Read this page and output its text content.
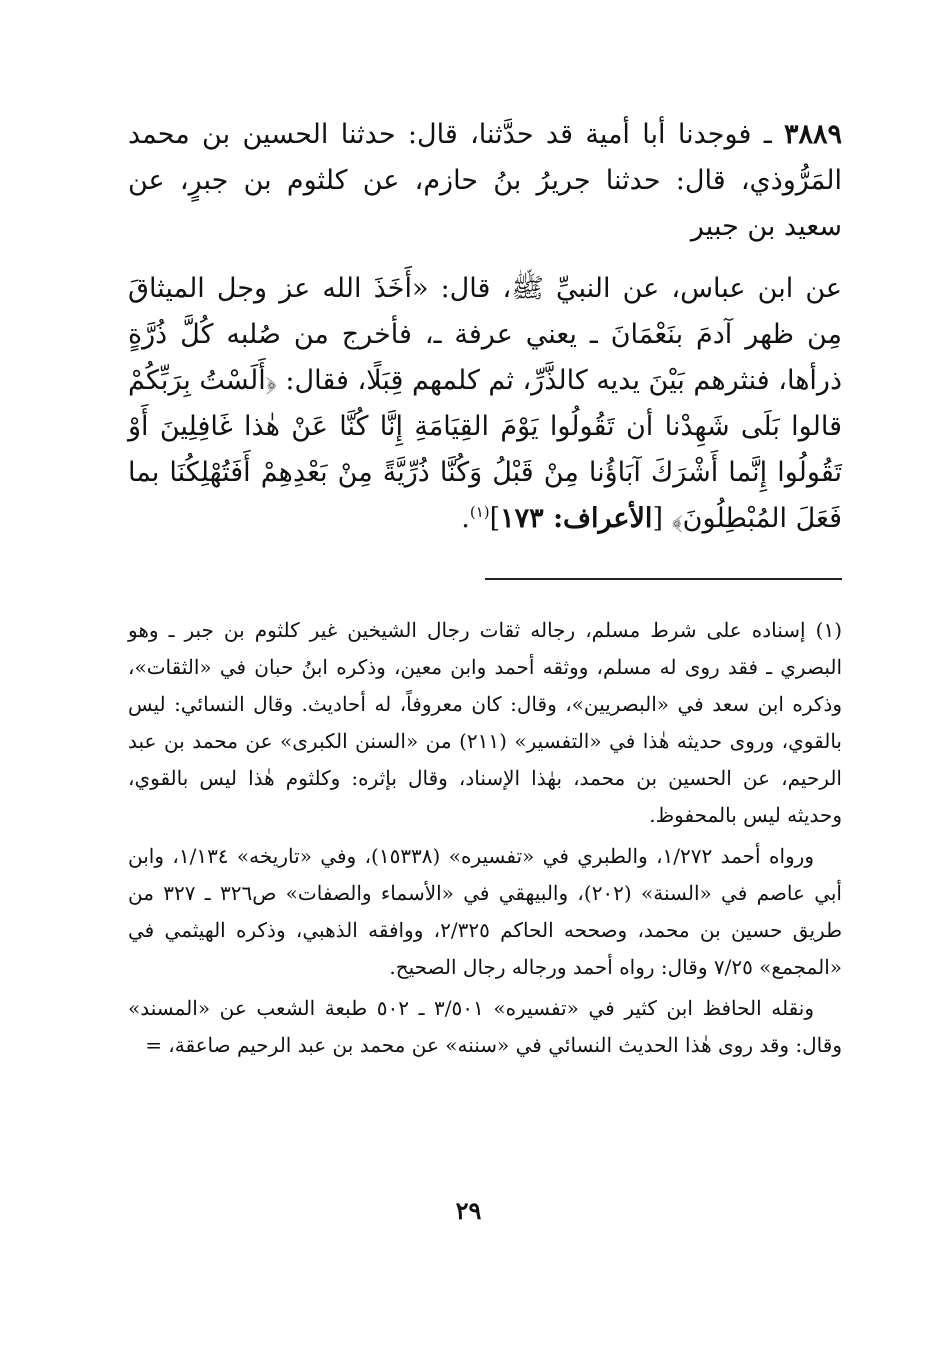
٣٨٨٩ ـ فوجدنا أبا أمية قد حدَّثنا، قال: حدثنا الحسين بن محمد المَرُّوذي، قال: حدثنا جريرُ بنُ حازم، عن كلثوم بن جبرٍ، عن سعيد بن جبير
عن ابن عباس، عن النبيِّ ﷺ، قال: «أَخَذَ الله عز وجل الميثاقَ مِن ظهر آدمَ بنَعْمَانَ ـ يعني عرفة ـ، فأخرج من صُلبه كُلَّ ذُرَّةٍ ذرأها، فنثرهم بَيْنَ يديه كالذَّرِّ، ثم كلمهم قِبَلًا، فقال: ﴿أَلَسْتُ بِرَبِّكُمْ قالوا بَلَى شَهِدْنا أن تَقُولُوا يَوْمَ القِيَامَةِ إِنَّا كُنَّا عَنْ هٰذا غَافِلِينَ أَوْ تَقُولُوا إِنَّما أَشْرَكَ آبَاؤُنا مِنْ قَبْلُ وَكُنَّا ذُرِّيَّةً مِنْ بَعْدِهِمْ أَفَتُهْلِكُنَا بما فَعَلَ المُبْطِلُونَ﴾ [الأعراف: ١٧٣]$^{(١)}$.

(١) إسناده على شرط مسلم، رجاله ثقات رجال الشيخين غير كلثوم بن جبر ـ وهو البصري ـ فقد روى له مسلم، ووثقه أحمد وابن معين، وذكره ابنُ حبان في «الثقات»، وذكره ابن سعد في «البصريين»، وقال: كان معروفاً، له أحاديث. وقال النسائي: ليس بالقوي، وروى حديثه هٰذا في «التفسير» (٢١١) من «السنن الكبرى» عن محمد بن عبد الرحيم، عن الحسين بن محمد، بهٰذا الإسناد، وقال بإثره: وكلثوم هٰذا ليس بالقوي، وحديثه ليس بالمحفوظ.

ورواه أحمد ١/٢٧٢، والطبري في «تفسيره» (١٥٣٣٨)، وفي «تاريخه» ١/١٣٤، وابن أبي عاصم في «السنة» (٢٠٢)، والبيهقي في «الأسماء والصفات» ص٣٢٦ ـ ٣٢٧ من طريق حسين بن محمد، وصححه الحاكم ٢/٣٢٥، ووافقه الذهبي، وذكره الهيثمي في «المجمع» ٧/٢٥ وقال: رواه أحمد ورجاله رجال الصحيح.

ونقله الحافظ ابن كثير في «تفسيره» ٣/٥٠١ ـ ٥٠٢ طبعة الشعب عن «المسند» وقال: وقد روى هٰذا الحديث النسائي في «سننه» عن محمد بن عبد الرحيم صاعقة، =

٢٩
